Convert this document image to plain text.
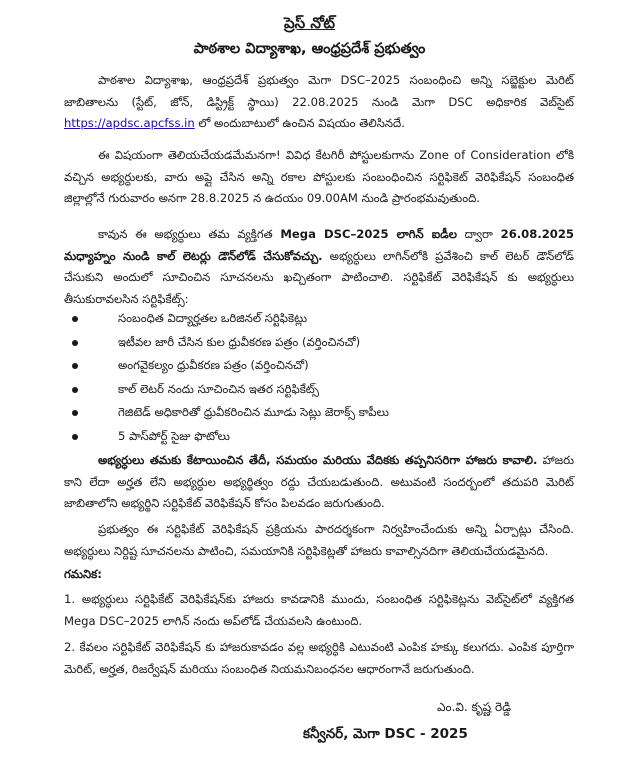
ప్రెస్ నోట్
పాఠశాల విద్యాశాఖ, ఆంధ్రప్రదేశ్ ప్రభుత్వం
పాఠశాల విద్యాశాఖ, ఆంధ్రప్రదేశ్ ప్రభుత్వం మెగా DSC–2025 సంబంధించి అన్ని సబ్జెక్టుల మెరిట్ జాబితాలను (స్టేట్, జోన్, డిస్ట్రిక్ట్ స్థాయి) 22.08.2025 నుండి మెగా DSC అధికారిక వెబ్‌సైట్ https://apdsc.apcfss.in లో అందుబాటులో ఉంచిన విషయం తెలిసినదే.
ఈ విషయంగా తెలియచేయడమేమనగా! వివిధ కేటగిరీ పోస్టులకుగాను Zone of Consideration లోకి వచ్చిన అభ్యర్ధులకు, వారు అప్లై చేసిన అన్ని రకాల పోస్టులకు సంబంధించిన సర్టిఫికెట్ వెరిఫికేషన్ సంబంధిత జిల్లాల్లోనే గురువారం అనగా 28.8.2025 న ఉదయం 09.00AM నుండి ప్రారంభమవుతుంది.
కావున ఈ అభ్యర్ధులు తమ వ్యక్తిగత Mega DSC–2025 లాగిన్ ఐడీల ద్వారా 26.08.2025 మధ్యాహ్నం నుండి కాల్ లెటర్లు డౌన్‌లోడ్ చేసుకోవచ్చు. అభ్యర్ధులు లాగిన్‌లోకి ప్రవేశించి కాల్ లెటర్ డౌన్‌లోడ్ చేసుకుని అందులో సూచించిన సూచనలను ఖచ్చితంగా పాటించాలి. సర్టిఫికేట్ వెరిఫికేషన్ కు అభ్యర్ధులు తీసుకురావలసిన సర్టిఫికేట్స్:
సంబంధిత విద్యార్హతల ఒరిజినల్ సర్టిఫికెట్లు
ఇటీవల జారీ చేసిన కుల ధ్రువీకరణ పత్రం (వర్తించినచో)
అంగవైకల్యం ధ్రువీకరణ పత్రం (వర్తించినచో)
కాల్ లెటర్ నందు సూచించిన ఇతర సర్టిఫికేట్స్
గెజిటెడ్ అధికారితో ధ్రువీకరించిన మూడు సెట్లు జెరాక్స్ కాపీలు
5 పాస్‌పోర్ట్ సైజు ఫొటోలు
అభ్యర్ధులు తమకు కేటాయించిన తేదీ, సమయం మరియు వేదికకు తప్పనిసరిగా హాజరు కావాలి. హాజరు కాని లేదా అర్హత లేని అభ్యర్ధుల అభ్యర్థిత్వం రద్దు చేయబడుతుంది. అటువంటి సందర్బంలో తదుపరి మెరిట్ జాబితాలోని అభ్యర్థిని సర్టిఫికేట్ వెరిఫికేషన్ కోసం పిలవడం జరుగుతుంది.
ప్రభుత్వం ఈ సర్టిఫికేట్ వెరిఫికేషన్ ప్రక్రియను పారదర్శకంగా నిర్వహించేందుకు అన్ని ఏర్పాట్లు చేసింది. అభ్యర్ధులు నిర్దిష్ట సూచనలను పాటించి, సమయానికి సర్టిఫికెట్లతో హాజరు కావాల్సినదిగా తెలియచేయడమైనది.
గమనిక:
1. అభ్యర్ధులు సర్టిఫికేట్ వెరిఫికేషన్‌కు హాజరు కావడానికి ముందు, సంబంధిత సర్టిఫికెట్లను వెబ్‌సైట్‌లో వ్యక్తిగత Mega DSC–2025 లాగిన్ నందు అప్‌లోడ్ చేయవలసి ఉంటుంది.
2. కేవలం సర్టిఫికేట్ వెరిఫికేషన్ కు హాజరుకావడం వల్ల అభ్యర్ధికి ఎటువంటి ఎంపిక హక్కు కలుగదు. ఎంపిక పూర్తిగా మెరిట్, అర్హత, రిజర్వేషన్ మరియు సంబంధిత నియమనిబంధనల ఆధారంగానే జరుగుతుంది.
ఎం.వి. కృష్ణ రెడ్డి
కన్వీనర్, మెగా DSC - 2025
